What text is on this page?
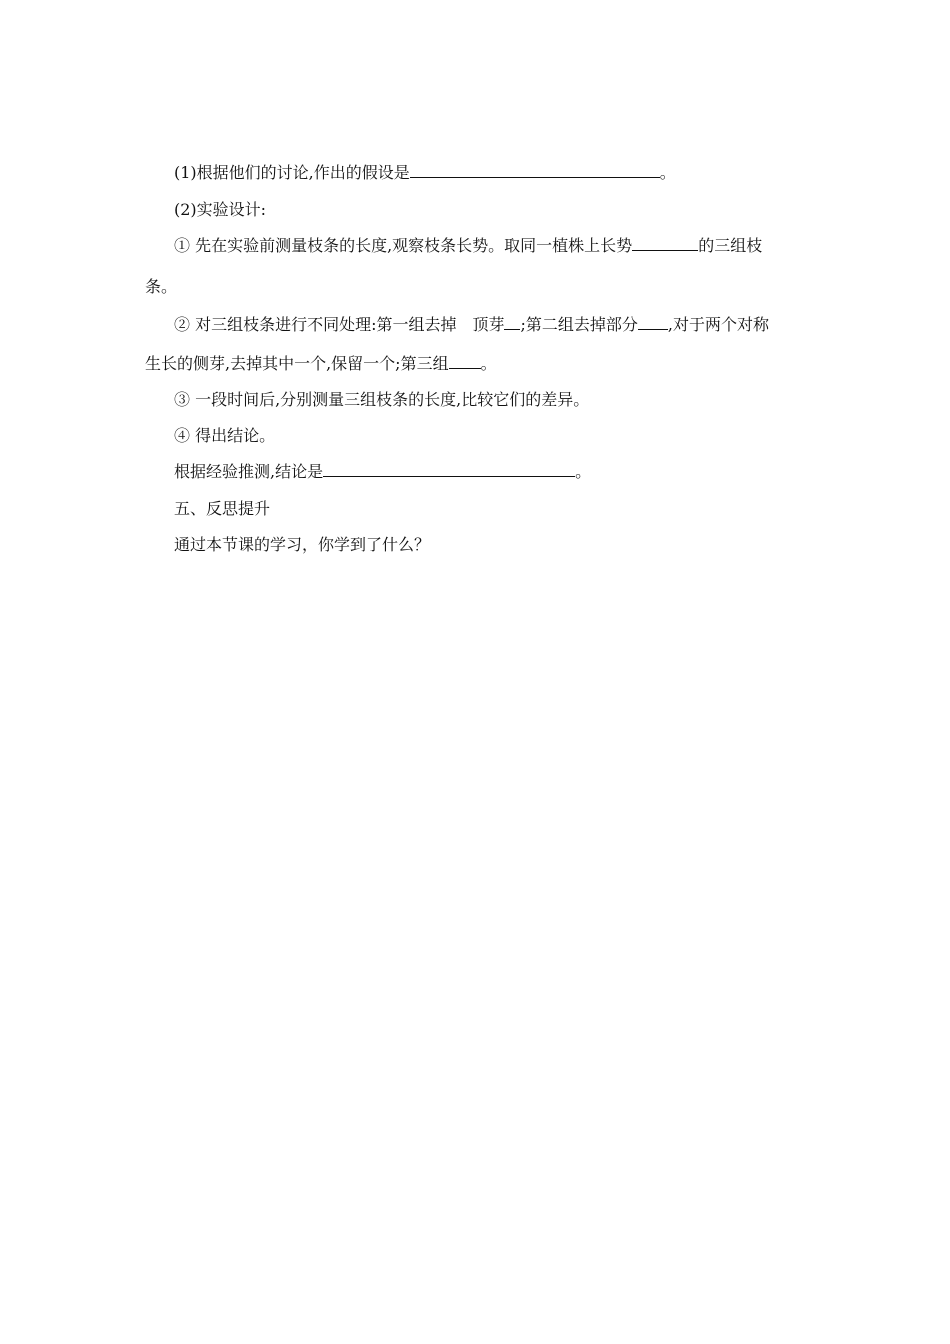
(1)根据他们的讨论,作出的假设是	。
(2)实验设计:
① 先在实验前测量枝条的长度,观察枝条长势。取同一植株上长势	的三组枝
条。
② 对三组枝条进行不同处理:第一组去掉　顶芽 ;第二组去掉部分 ,对于两个对称
生长的侧芽,去掉其中一个,保留一个;第三组 。
③ 一段时间后,分别测量三组枝条的长度,比较它们的差异。
④ 得出结论。
根据经验推测,结论是	。
五、反思提升
通过本节课的学习，你学到了什么？
